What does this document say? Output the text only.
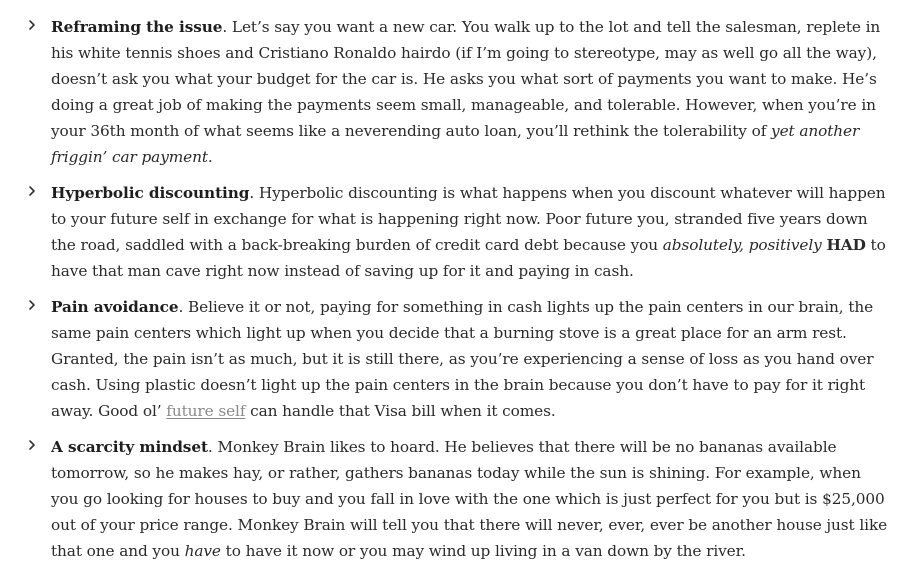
Reframing the issue. Let’s say you want a new car. You walk up to the lot and tell the salesman, replete in his white tennis shoes and Cristiano Ronaldo hairdo (if I’m going to stereotype, may as well go all the way), doesn’t ask you what your budget for the car is. He asks you what sort of payments you want to make. He’s doing a great job of making the payments seem small, manageable, and tolerable. However, when you’re in your 36th month of what seems like a neverending auto loan, you’ll rethink the tolerability of yet another friggin’ car payment.
Hyperbolic discounting. Hyperbolic discounting is what happens when you discount whatever will happen to your future self in exchange for what is happening right now. Poor future you, stranded five years down the road, saddled with a back-breaking burden of credit card debt because you absolutely, positively HAD to have that man cave right now instead of saving up for it and paying in cash.
Pain avoidance. Believe it or not, paying for something in cash lights up the pain centers in our brain, the same pain centers which light up when you decide that a burning stove is a great place for an arm rest. Granted, the pain isn’t as much, but it is still there, as you’re experiencing a sense of loss as you hand over cash. Using plastic doesn’t light up the pain centers in the brain because you don’t have to pay for it right away. Good ol’ future self can handle that Visa bill when it comes.
A scarcity mindset. Monkey Brain likes to hoard. He believes that there will be no bananas available tomorrow, so he makes hay, or rather, gathers bananas today while the sun is shining. For example, when you go looking for houses to buy and you fall in love with the one which is just perfect for you but is $25,000 out of your price range. Monkey Brain will tell you that there will never, ever, ever be another house just like that one and you have to have it now or you may wind up living in a van down by the river.
